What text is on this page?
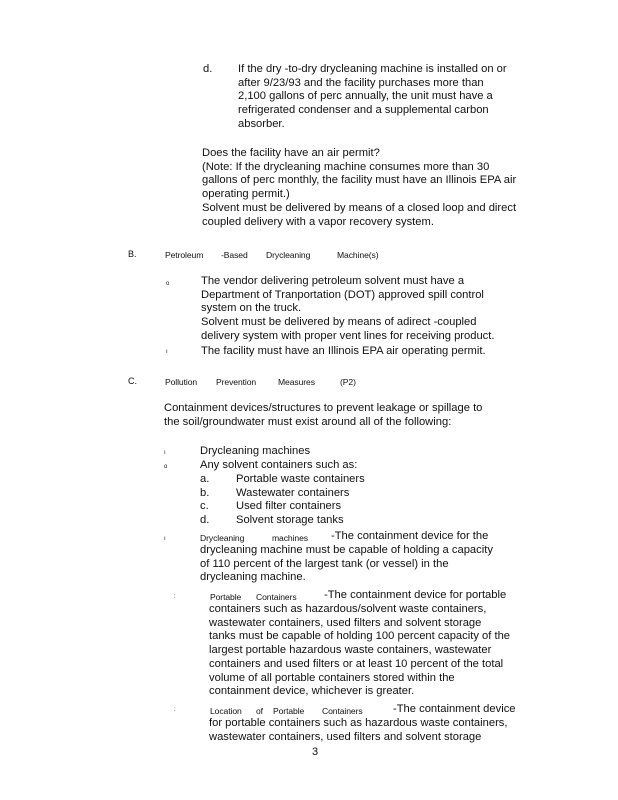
d. If the dry -to-dry drycleaning machine is installed on or
after 9/23/93 and the facility purchases more than
2,100 gallons of perc annually, the unit must have a
refrigerated condenser and a supplemental carbon
absorber.
Does the facility have an air permit?
(Note: If the drycleaning machine consumes more than 30
gallons of perc monthly, the facility must have an Illinois EPA air
operating permit.)
Solvent must be delivered by means of a closed loop and direct
coupled delivery with a vapor recovery system.
B.	Petroleum -Based Drycleaning	Machine(s)
o	The vendor delivering petroleum solvent must have a
Department of Tranportation (DOT) approved spill control
system on the truck.
Solvent must be delivered by means of adirect -coupled
delivery system with proper vent lines for receiving product.
ı	The facility must have an Illinois EPA air operating permit.
C.	Pollution Prevention	Measures	(P2)
Containment devices/structures to prevent leakage or spillage to
the soil/groundwater must exist around all of the following:
ı	Drycleaning machines
o	Any solvent containers such as:
a. Portable waste containers
b. Wastewater containers
c. Used filter containers
d. Solvent storage tanks
ı	Drycleaning	machines -The containment device for the
drycleaning machine must be capable of holding a capacity
of 110 percent of the largest tank (or vessel) in the
drycleaning machine.
:	Portable Containers -The containment device for portable
containers such as hazardous/solvent waste containers,
wastewater containers, used filters and solvent storage
tanks must be capable of holding 100 percent capacity of the
largest portable hazardous waste containers, wastewater
containers and used filters or at least 10 percent of the total
volume of all portable containers stored within the
containment device, whichever is greater.
:	Location of Portable Containers	-The containment device
for portable containers such as hazardous waste containers,
wastewater containers, used filters and solvent storage
3
